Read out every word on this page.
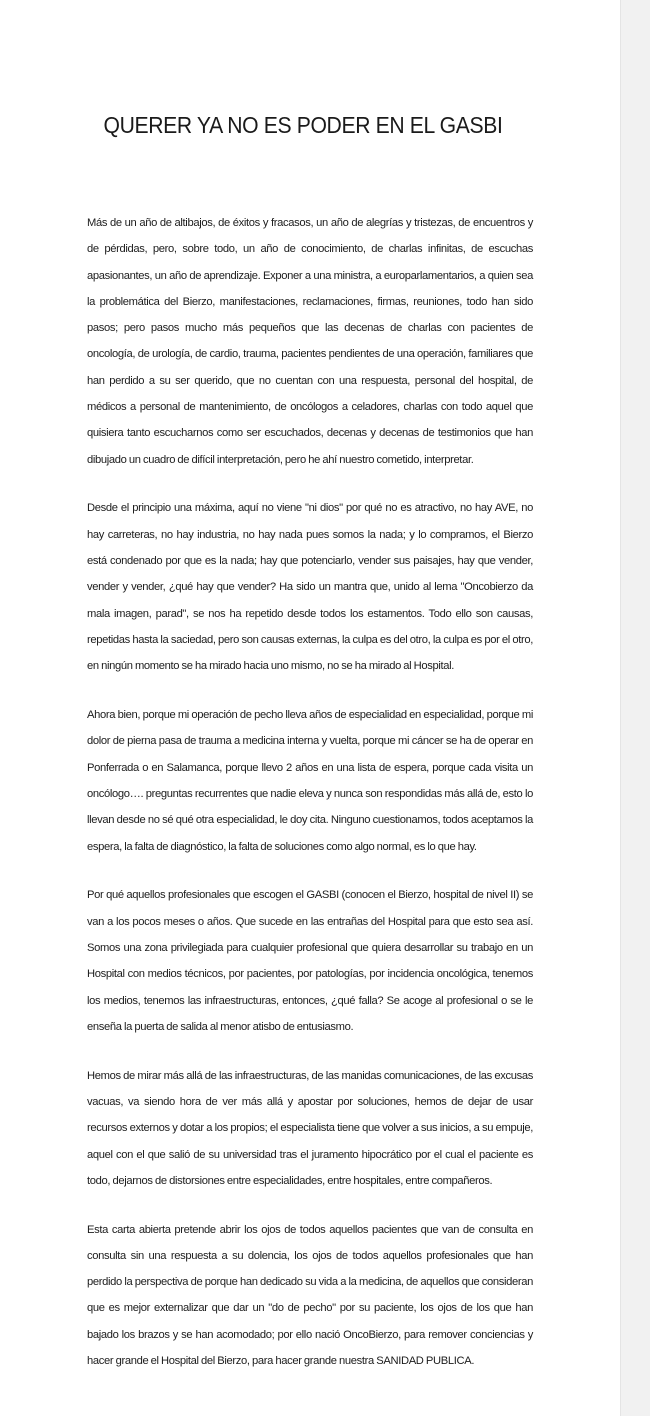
QUERER YA NO ES PODER EN EL GASBI

Más de un año de altibajos, de éxitos y fracasos, un año de alegrías y tristezas, de encuentros y de pérdidas, pero, sobre todo, un año de conocimiento, de charlas infinitas, de escuchas apasionantes, un año de aprendizaje. Exponer a una ministra, a europarlamentarios, a quien sea la problemática del Bierzo, manifestaciones, reclamaciones, firmas, reuniones, todo han sido pasos; pero pasos mucho más pequeños que las decenas de charlas con pacientes de oncología, de urología, de cardio, trauma, pacientes pendientes de una operación, familiares que han perdido a su ser querido, que no cuentan con una respuesta, personal del hospital, de médicos a personal de mantenimiento, de oncólogos a celadores, charlas con todo aquel que quisiera tanto escucharnos como ser escuchados, decenas y decenas de testimonios que han dibujado un cuadro de difícil interpretación, pero he ahí nuestro cometido, interpretar.

Desde el principio una máxima, aquí no viene "ni dios" por qué no es atractivo, no hay AVE, no hay carreteras, no hay industria, no hay nada pues somos la nada; y lo compramos, el Bierzo está condenado por que es la nada; hay que potenciarlo, vender sus paisajes, hay que vender, vender y vender, ¿qué hay que vender? Ha sido un mantra que, unido al lema "Oncobierzo da mala imagen, parad", se nos ha repetido desde todos los estamentos. Todo ello son causas, repetidas hasta la saciedad, pero son causas externas, la culpa es del otro, la culpa es por el otro, en ningún momento se ha mirado hacia uno mismo, no se ha mirado al Hospital.

Ahora bien, porque mi operación de pecho lleva años de especialidad en especialidad, porque mi dolor de pierna pasa de trauma a medicina interna y vuelta, porque mi cáncer se ha de operar en Ponferrada o en Salamanca, porque llevo 2 años en una lista de espera, porque cada visita un oncólogo…. preguntas recurrentes que nadie eleva y nunca son respondidas más allá de, esto lo llevan desde no sé qué otra especialidad, le doy cita. Ninguno cuestionamos, todos aceptamos la espera, la falta de diagnóstico, la falta de soluciones como algo normal, es lo que hay.

Por qué aquellos profesionales que escogen el GASBI (conocen el Bierzo, hospital de nivel II) se van a los pocos meses o años. Que sucede en las entrañas del Hospital para que esto sea así. Somos una zona privilegiada para cualquier profesional que quiera desarrollar su trabajo en un Hospital con medios técnicos, por pacientes, por patologías, por incidencia oncológica, tenemos los medios, tenemos las infraestructuras, entonces, ¿qué falla? Se acoge al profesional o se le enseña la puerta de salida al menor atisbo de entusiasmo.

Hemos de mirar más allá de las infraestructuras, de las manidas comunicaciones, de las excusas vacuas, va siendo hora de ver más allá y apostar por soluciones, hemos de dejar de usar recursos externos y dotar a los propios; el especialista tiene que volver a sus inicios, a su empuje, aquel con el que salió de su universidad tras el juramento hipocrático por el cual el paciente es todo, dejarnos de distorsiones entre especialidades, entre hospitales, entre compañeros.

Esta carta abierta pretende abrir los ojos de todos aquellos pacientes que van de consulta en consulta sin una respuesta a su dolencia, los ojos de todos aquellos profesionales que han perdido la perspectiva de porque han dedicado su vida a la medicina, de aquellos que consideran que es mejor externalizar que dar un "do de pecho" por su paciente, los ojos de los que han bajado los brazos y se han acomodado; por ello nació OncoBierzo, para remover conciencias y hacer grande el Hospital del Bierzo, para hacer grande nuestra SANIDAD PUBLICA.
